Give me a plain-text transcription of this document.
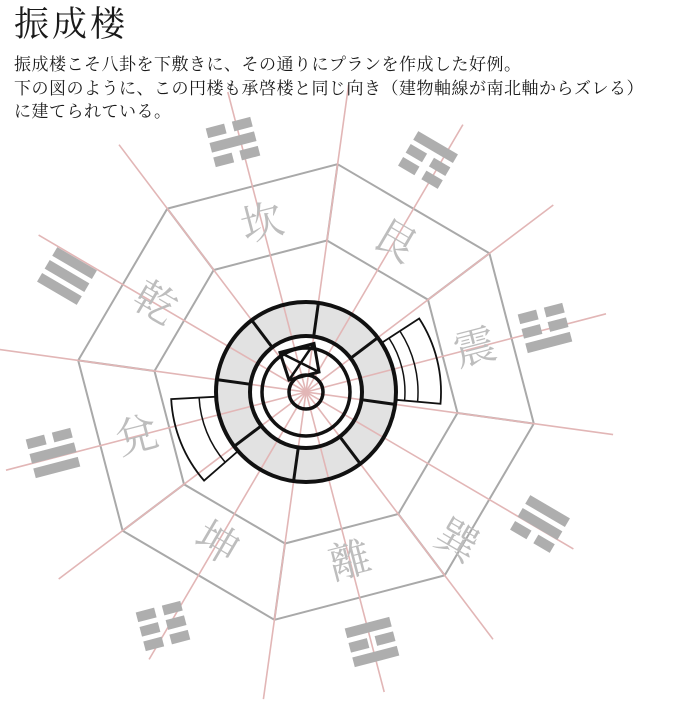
坎 艮
震
巽
離
坤
兌
乾
振成楼

振成楼こそ八卦を下敷きに、その通りにプランを作成した好例。

下の図のように、この円楼も承啓楼と同じ向き（建物軸線が南北軸からズレる）

に建てられている。
